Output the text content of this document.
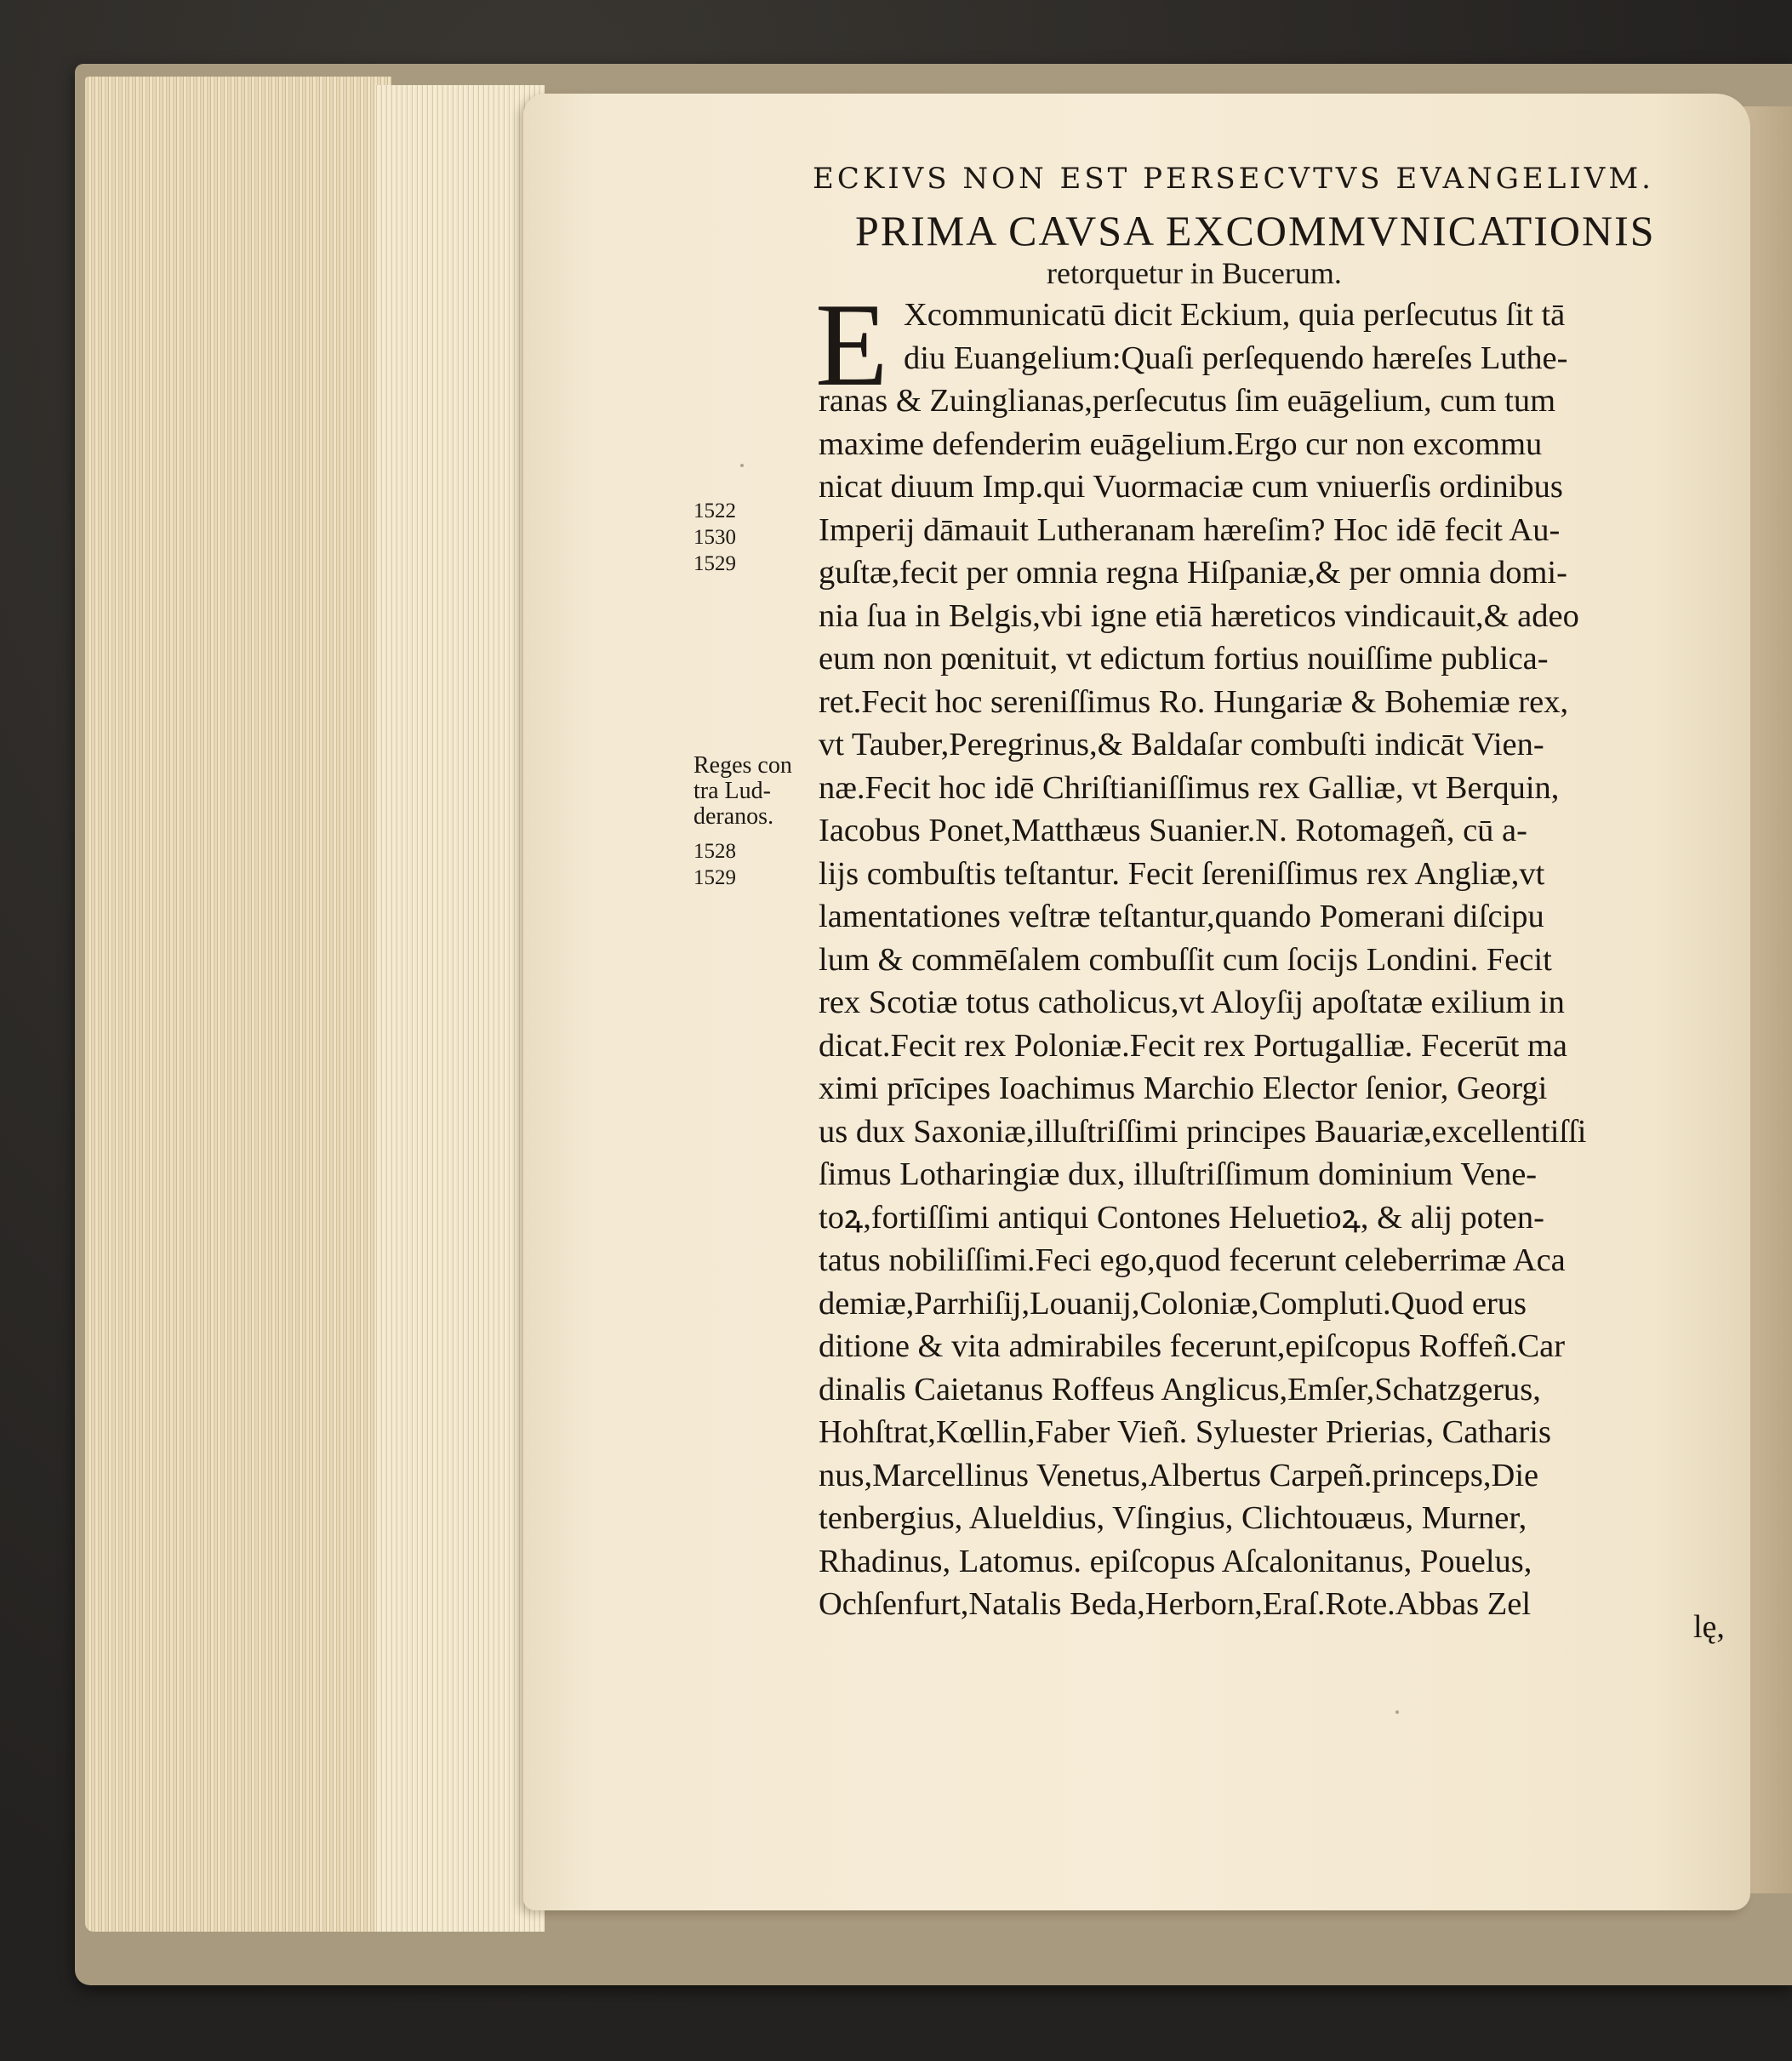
ECKIVS NON EST PERSECVTVS EVANGELIVM.
PRIMA CAVSA EXCOMMVNICATIONIS
retorquetur in Bucerum.
E Xcommunicatū dicit Eckium, quia perſecutus ſit tā
diu Euangelium:Quaſi perſequendo hæreſes Luthe-
ranas & Zuinglianas,perſecutus ſim euāgelium, cum tum
maxime defenderim euāgelium.Ergo cur non excommu
nicat diuum Imp.qui Vuormaciæ cum vniuerſis ordinibus
Imperij dāmauit Lutheranam hæreſim? Hoc idē fecit Au-
guſtæ,fecit per omnia regna Hiſpaniæ,& per omnia domi-
nia ſua in Belgis,vbi igne etiā hæreticos vindicauit,& adeo
eum non pœnituit, vt edictum fortius nouiſſime publica-
ret.Fecit hoc sereniſſimus Ro. Hungariæ & Bohemiæ rex,
vt Tauber,Peregrinus,& Baldaſar combuſti indicāt Vien-
næ.Fecit hoc idē Chriſtianiſſimus rex Galliæ, vt Berquin,
Iacobus Ponet,Matthæus Suanier.N. Rotomageñ, cū a-
lijs combuſtis teſtantur. Fecit ſereniſſimus rex Angliæ,vt
lamentationes veſtræ teſtantur,quando Pomerani diſcipu
lum & commēſalem combuſſit cum ſocijs Londini. Fecit
rex Scotiæ totus catholicus,vt Aloyſij apoſtatæ exilium in
dicat.Fecit rex Poloniæ.Fecit rex Portugalliæ. Fecerūt ma
ximi prīcipes Ioachimus Marchio Elector ſenior, Georgi
us dux Saxoniæ,illuſtriſſimi principes Bauariæ,excellentiſſi
ſimus Lotharingiæ dux, illuſtriſſimum dominium Vene-
toꝝ,fortiſſimi antiqui Contones Heluetioꝝ, & alij poten-
tatus nobiliſſimi.Feci ego,quod fecerunt celeberrimæ Aca
demiæ,Parrhiſij,Louanij,Coloniæ,Compluti.Quod erus
ditione & vita admirabiles fecerunt,epiſcopus Roffeñ.Car
dinalis Caietanus Roffeus Anglicus,Emſer,Schatzgerus,
Hohſtrat,Kœllin,Faber Vieñ. Syluester Prierias, Catharis
nus,Marcellinus Venetus,Albertus Carpeñ.princeps,Die
tenbergius, Alueldius, Vſingius, Clichtouæus, Murner,
Rhadinus, Latomus. epiſcopus Aſcalonitanus, Pouelus,
Ochſenfurt,Natalis Beda,Herborn,Eraſ.Rote.Abbas Zel
1522
1530
1529
Reges con
tra Lud-
deranos.
1528
1529
lę,
